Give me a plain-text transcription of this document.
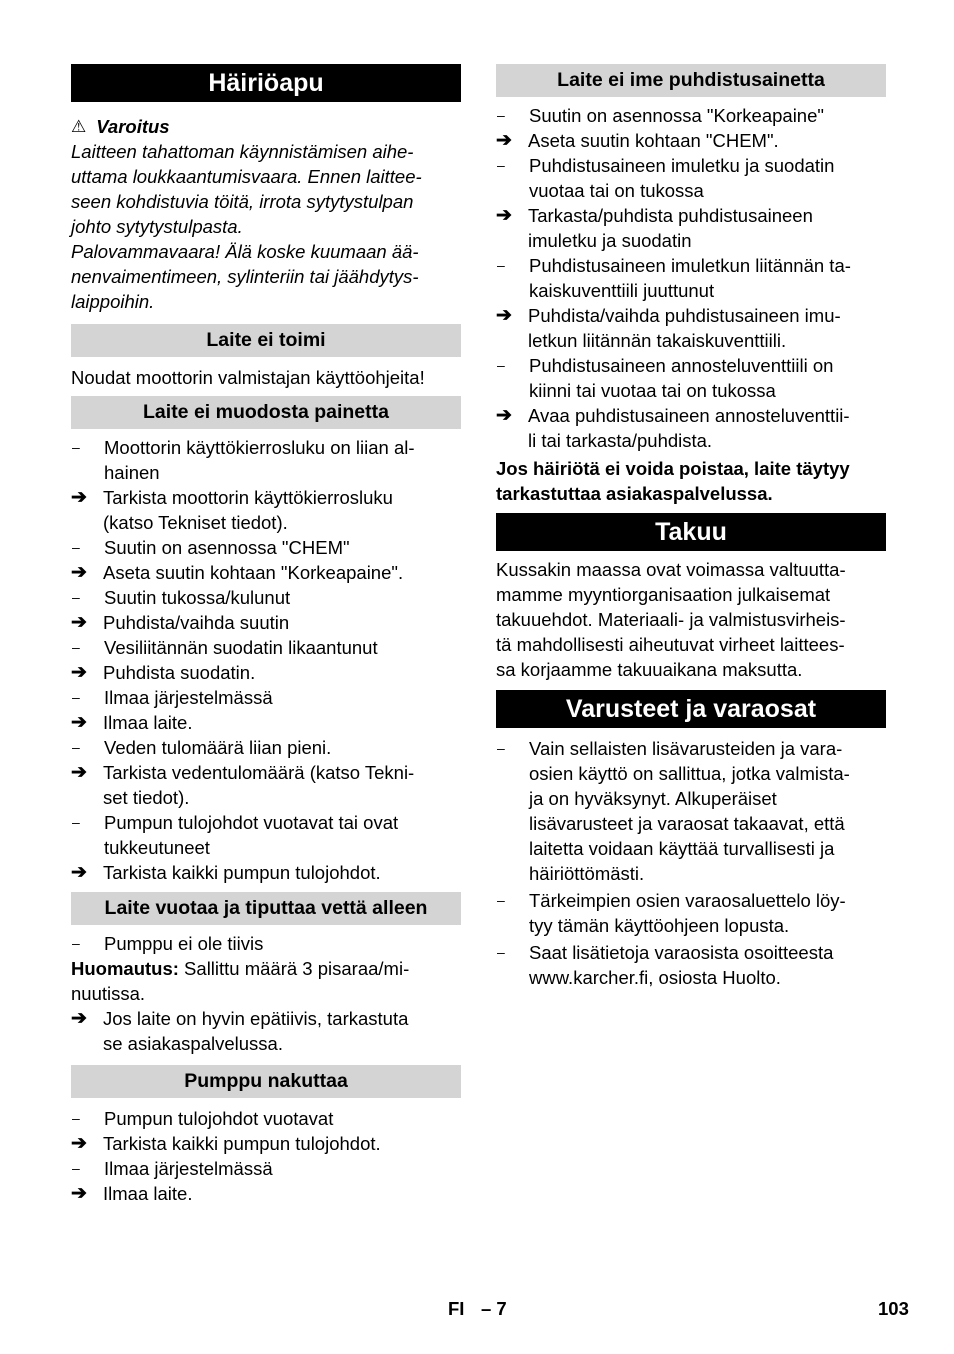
Häiriöapu
⚠ Varoitus
Laitteen tahattoman käynnistämisen aihe-
uttama loukkaantumisvaara. Ennen laittee-
seen kohdistuvia töitä, irrota sytytystulpan
johto sytytystulpasta.
Palovammavaara! Älä koske kuumaan ää-
nenvaimentimeen, sylinteriin tai jäähdytys-
laippoihin.
Laite ei toimi
Noudat moottorin valmistajan käyttöohjeita!
Laite ei muodosta painetta
–	Moottorin käyttökierrosluku on liian al-
hainen
➔ Tarkista moottorin käyttökierrosluku
(katso Tekniset tiedot).
–	Suutin on asennossa "CHEM"
➔ Aseta suutin kohtaan "Korkeapaine".
–	Suutin tukossa/kulunut
➔ Puhdista/vaihda suutin
–	Vesiliitännän suodatin likaantunut
➔ Puhdista suodatin.
–	Ilmaa järjestelmässä
➔ Ilmaa laite.
–	Veden tulomäärä liian pieni.
➔ Tarkista vedentulomäärä (katso Tekni-
set tiedot).
–	Pumpun tulojohdot vuotavat tai ovat
tukkeutuneet
➔ Tarkista kaikki pumpun tulojohdot.
Laite vuotaa ja tiputtaa vettä alleen
–	Pumppu ei ole tiivis
Huomautus: Sallittu määrä 3 pisaraa/mi-
nuutissa.
➔ Jos laite on hyvin epätiivis, tarkastuta
se asiakaspalvelussa.
Pumppu nakuttaa
–	Pumpun tulojohdot vuotavat
➔ Tarkista kaikki pumpun tulojohdot.
–	Ilmaa järjestelmässä
➔ Ilmaa laite.
Laite ei ime puhdistusainetta
–	Suutin on asennossa "Korkeapaine"
➔ Aseta suutin kohtaan "CHEM".
–	Puhdistusaineen imuletku ja suodatin
vuotaa tai on tukossa
➔ Tarkasta/puhdista puhdistusaineen
imuletku ja suodatin
–	Puhdistusaineen imuletkun liitännän ta-
kaiskuventtiili juuttunut
➔ Puhdista/vaihda puhdistusaineen imu-
letkun liitännän takaiskuventtiili.
–	Puhdistusaineen annosteluventtiili on
kiinni tai vuotaa tai on tukossa
➔ Avaa puhdistusaineen annosteluventtii-
li tai tarkasta/puhdista.
Jos häiriötä ei voida poistaa, laite täytyy
tarkastuttaa asiakaspalvelussa.
Takuu
Kussakin maassa ovat voimassa valtuutta-
mamme myyntiorganisaation julkaisemat
takuuehdot. Materiaali- ja valmistusvirheis-
tä mahdollisesti aiheutuvat virheet laittees-
sa korjaamme takuuaikana maksutta.
Varusteet ja varaosat
–	Vain sellaisten lisävarusteiden ja vara-
osien käyttö on sallittua, jotka valmista-
ja on hyväksynyt. Alkuperäiset
lisävarusteet ja varaosat takaavat, että
laitetta voidaan käyttää turvallisesti ja
häiriöttömästi.
–	Tärkeimpien osien varaosaluettelo löy-
tyy tämän käyttöohjeen lopusta.
–	Saat lisätietoja varaosista osoitteesta
www.karcher.fi, osiosta Huolto.
FI – 7	103
